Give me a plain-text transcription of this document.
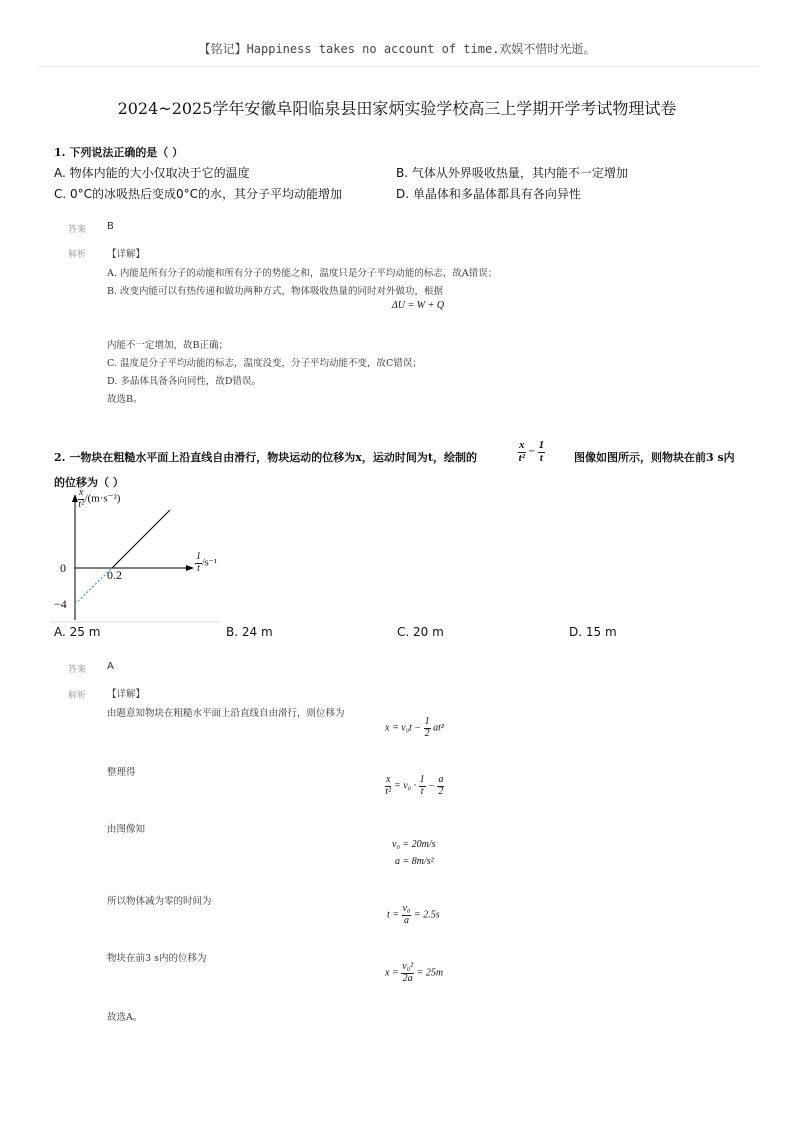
【铭记】Happiness takes no account of time.欢娱不惜时光逝。
2024~2025学年安徽阜阳临泉县田家炳实验学校高三上学期开学考试物理试卷
1. 下列说法正确的是（ ）
A. 物体内能的大小仅取决于它的温度	B. 气体从外界吸收热量，其内能不一定增加
C. 0°C的冰吸热后变成0°C的水，其分子平均动能增加	D. 单晶体和多晶体都具有各向异性
答案 B
解析 【详解】
A. 内能是所有分子的动能和所有分子的势能之和，温度只是分子平均动能的标志，故A错误；
B. 改变内能可以有热传递和做功两种方式，物体吸收热量的同时对外做功，根据
ΔU = W + Q
内能不一定增加，故B正确；
C. 温度是分子平均动能的标志，温度没变，分子平均动能不变，故C错误；
D. 多晶体具备各向同性，故D错误。
故选B。
2. 一物块在粗糙水平面上沿直线自由滑行，物块运动的位移为x，运动时间为t，绘制的	$\frac{x}{\text{t²}} - \frac{1}{t}$	图像如图所示，则物块在前3 s内
的位移为（ ）
$\frac{x}{\text{t²}} /(m\cdot s^{-2})$
$\frac{1}{t} /s^{-1}$
0	0.2
−4
A. 25 m	B. 24 m	C. 20 m	D. 15 m
答案 A
解析 【详解】
由题意知物块在粗糙水平面上沿直线自由滑行，则位移为
$x = v_0t - \frac{1}{2} at^2$
整理得
$\frac{x}{\text{t²}} = v_0 \cdot \frac{1}{t} - \frac{a}{2}$
由图像知
v₀ = 20m/s
a = 8m/s²
所以物体减为零的时间为
$t = \frac{\text{v₀}}{a} = 2.5s$
物块在前3 s内的位移为
$x = \frac{\text{v₀²}}{2a} = 25m$
故选A。
